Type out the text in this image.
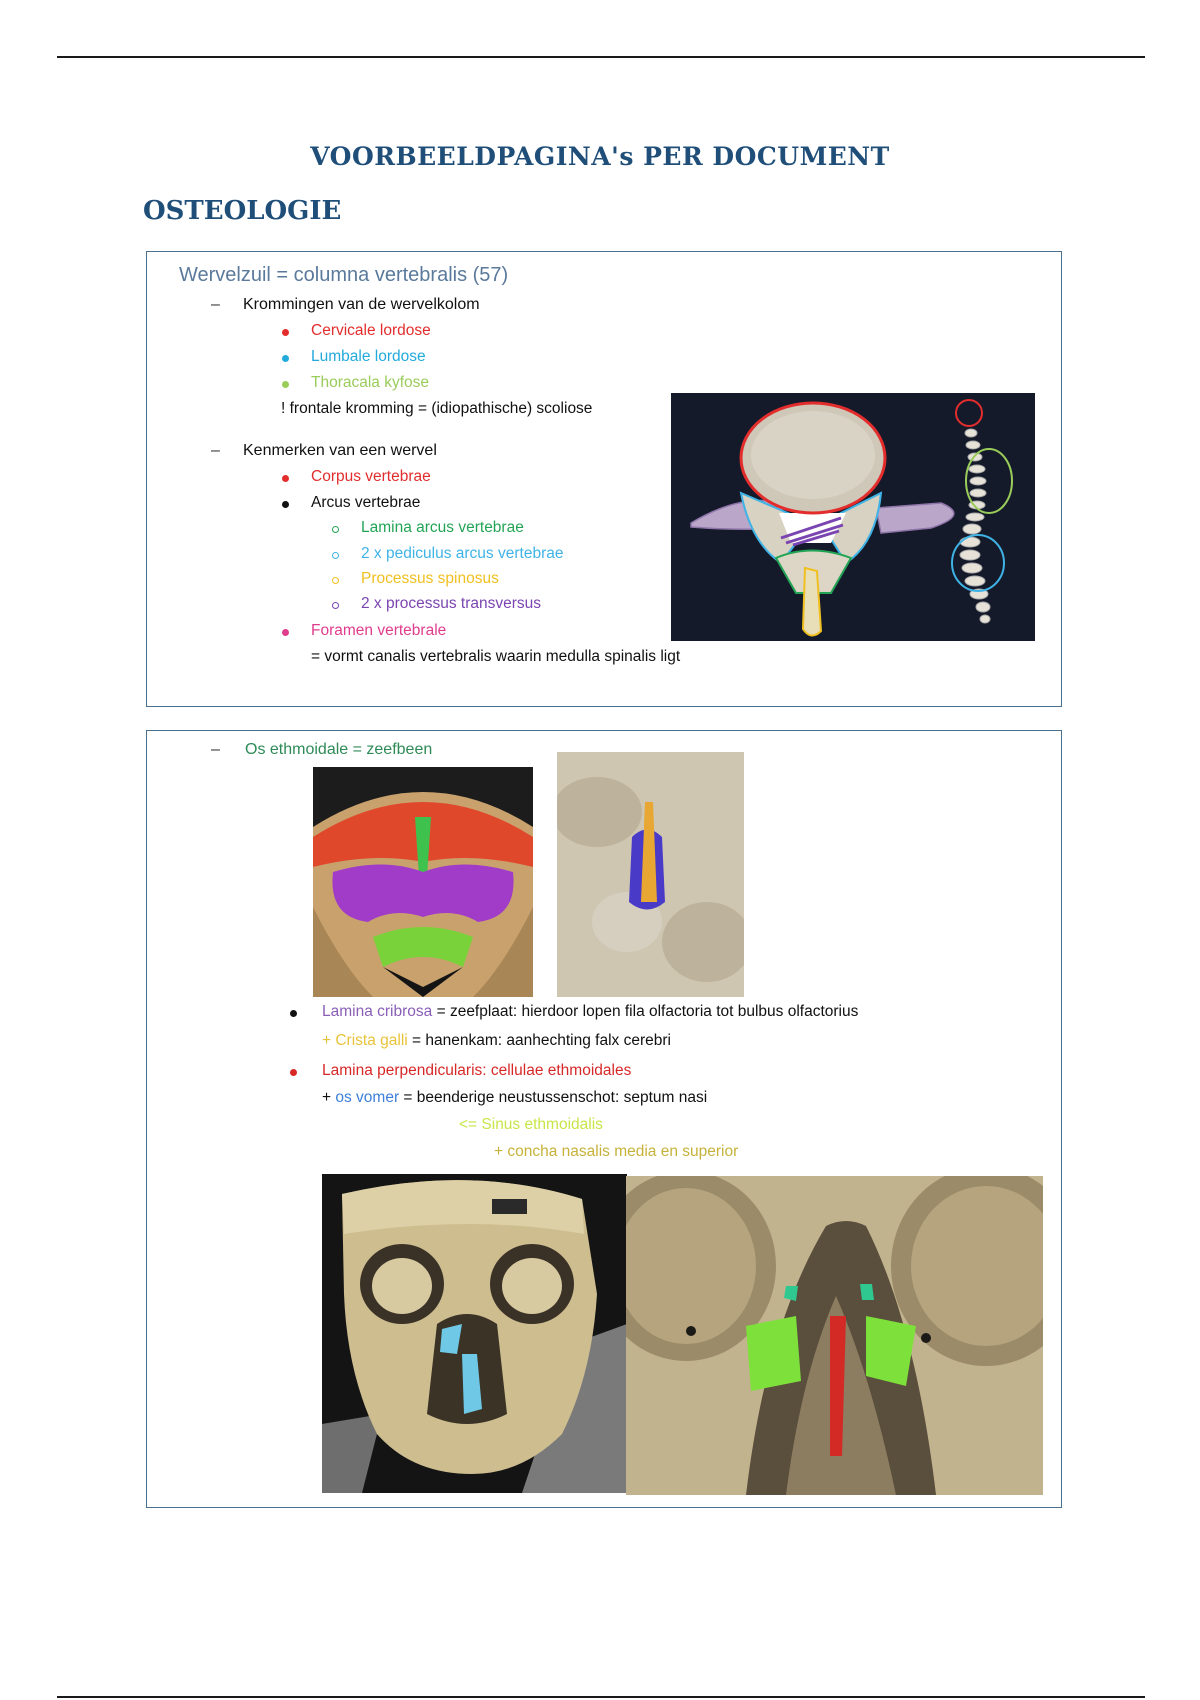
VOORBEELDPAGINA's PER DOCUMENT
OSTEOLOGIE
Wervelzuil = columna vertebralis (57)
– Krommingen van de wervelkolom
Cervicale lordose
Lumbale lordose
Thoracala kyfose
! frontale kromming = (idiopathische) scoliose
– Kenmerken van een wervel
Corpus vertebrae
Arcus vertebrae
Lamina arcus vertebrae
2 x pediculus arcus vertebrae
Processus spinosus
2 x processus transversus
Foramen vertebrale
= vormt canalis vertebralis waarin medulla spinalis ligt
– Os ethmoidale = zeefbeen
Lamina cribrosa = zeefplaat: hierdoor lopen fila olfactoria tot bulbus olfactorius
+ Crista galli = hanenkam: aanhechting falx cerebri
Lamina perpendicularis: cellulae ethmoidales
+ os vomer = beenderige neustussenschot: septum nasi
<= Sinus ethmoidalis
+ concha nasalis media en superior
